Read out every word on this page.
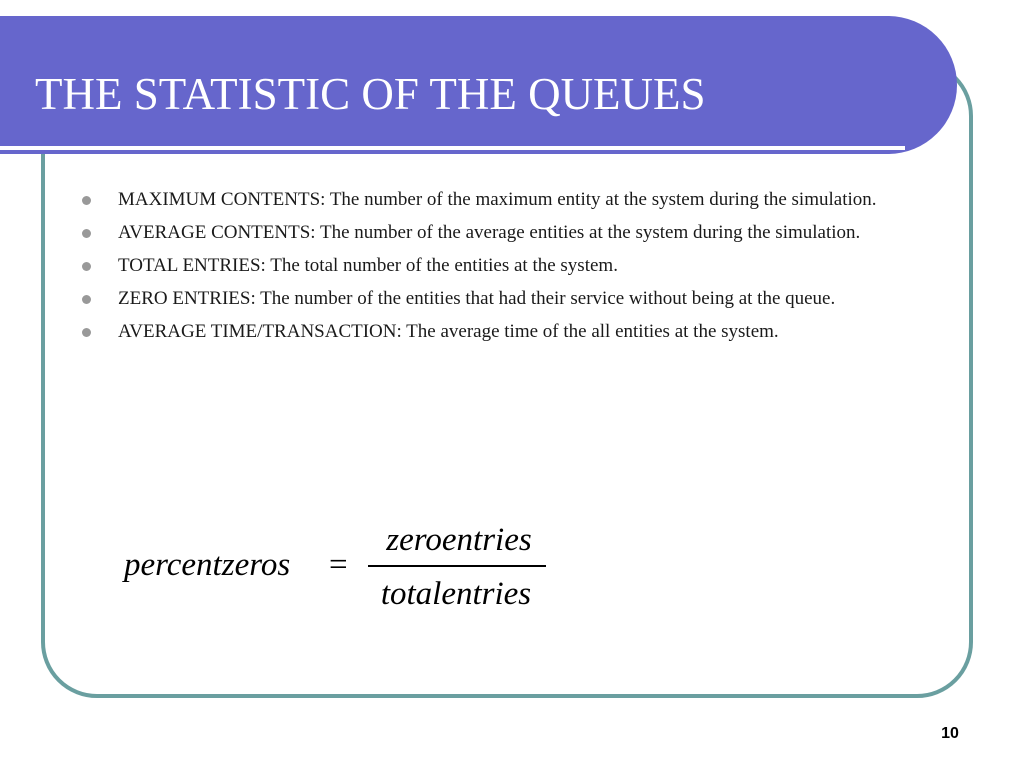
THE STATISTIC OF THE QUEUES
MAXIMUM CONTENTS: The number of the maximum entity at the system during the simulation.
AVERAGE CONTENTS: The number of the average entities at the system during the simulation.
TOTAL ENTRIES: The total number of the entities at the system.
ZERO ENTRIES: The number of the entities that had their service without being at the queue.
AVERAGE TIME/TRANSACTION: The average time of the all entities at the system.
percentzeros =
zeroentries
totalentries
10
